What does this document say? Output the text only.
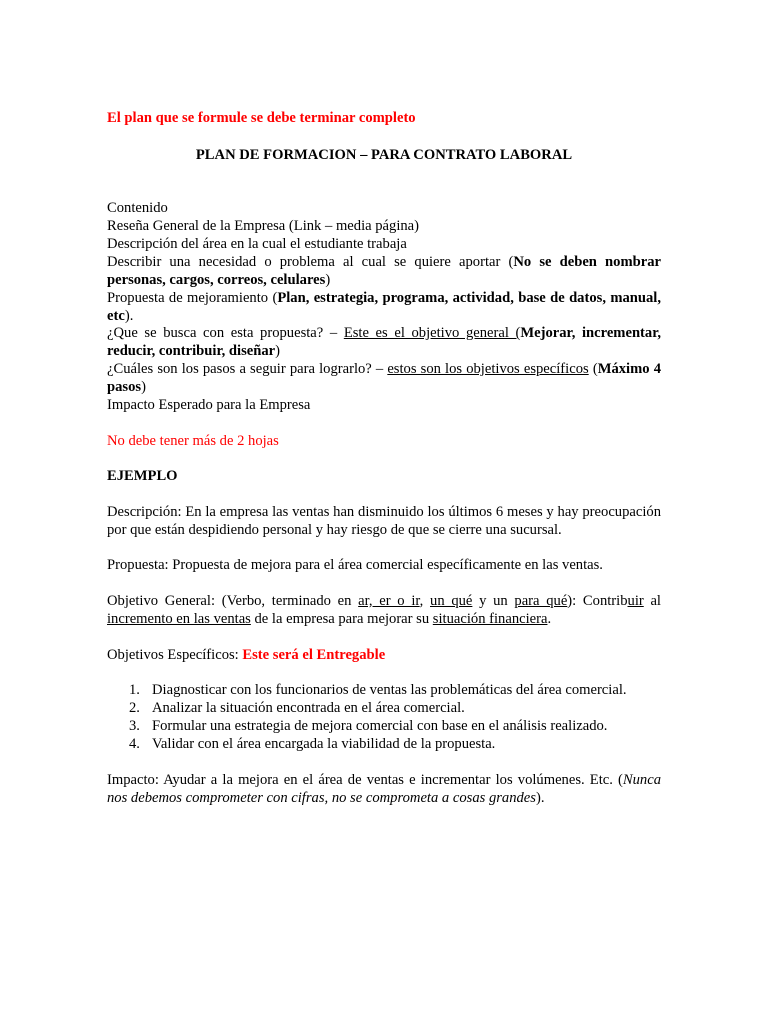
El plan que se formule se debe terminar completo
PLAN DE FORMACION – PARA CONTRATO LABORAL
Contenido
Reseña General de la Empresa (Link – media página)
Descripción del área en la cual el estudiante trabaja
Describir una necesidad o problema al cual se quiere aportar (No se deben nombrar personas, cargos, correos, celulares)
Propuesta de mejoramiento (Plan, estrategia, programa, actividad, base de datos, manual, etc).
¿Que se busca con esta propuesta? – Este es el objetivo general (Mejorar, incrementar, reducir, contribuir, diseñar)
¿Cuáles son los pasos a seguir para lograrlo? – estos son los objetivos específicos (Máximo 4 pasos)
Impacto Esperado para la Empresa
No debe tener más de 2 hojas
EJEMPLO
Descripción: En la empresa las ventas han disminuido los últimos 6 meses y hay preocupación por que están despidiendo personal y hay riesgo de que se cierre una sucursal.
Propuesta: Propuesta de mejora para el área comercial específicamente en las ventas.
Objetivo General: (Verbo, terminado en ar, er o ir, un qué y un para qué): Contribuir al incremento en las ventas de la empresa para mejorar su situación financiera.
Objetivos Específicos: Este será el Entregable
1. Diagnosticar con los funcionarios de ventas las problemáticas del área comercial.
2. Analizar la situación encontrada en el área comercial.
3. Formular una estrategia de mejora comercial con base en el análisis realizado.
4. Validar con el área encargada la viabilidad de la propuesta.
Impacto: Ayudar a la mejora en el área de ventas e incrementar los volúmenes. Etc. (Nunca nos debemos comprometer con cifras, no se comprometa a cosas grandes).
